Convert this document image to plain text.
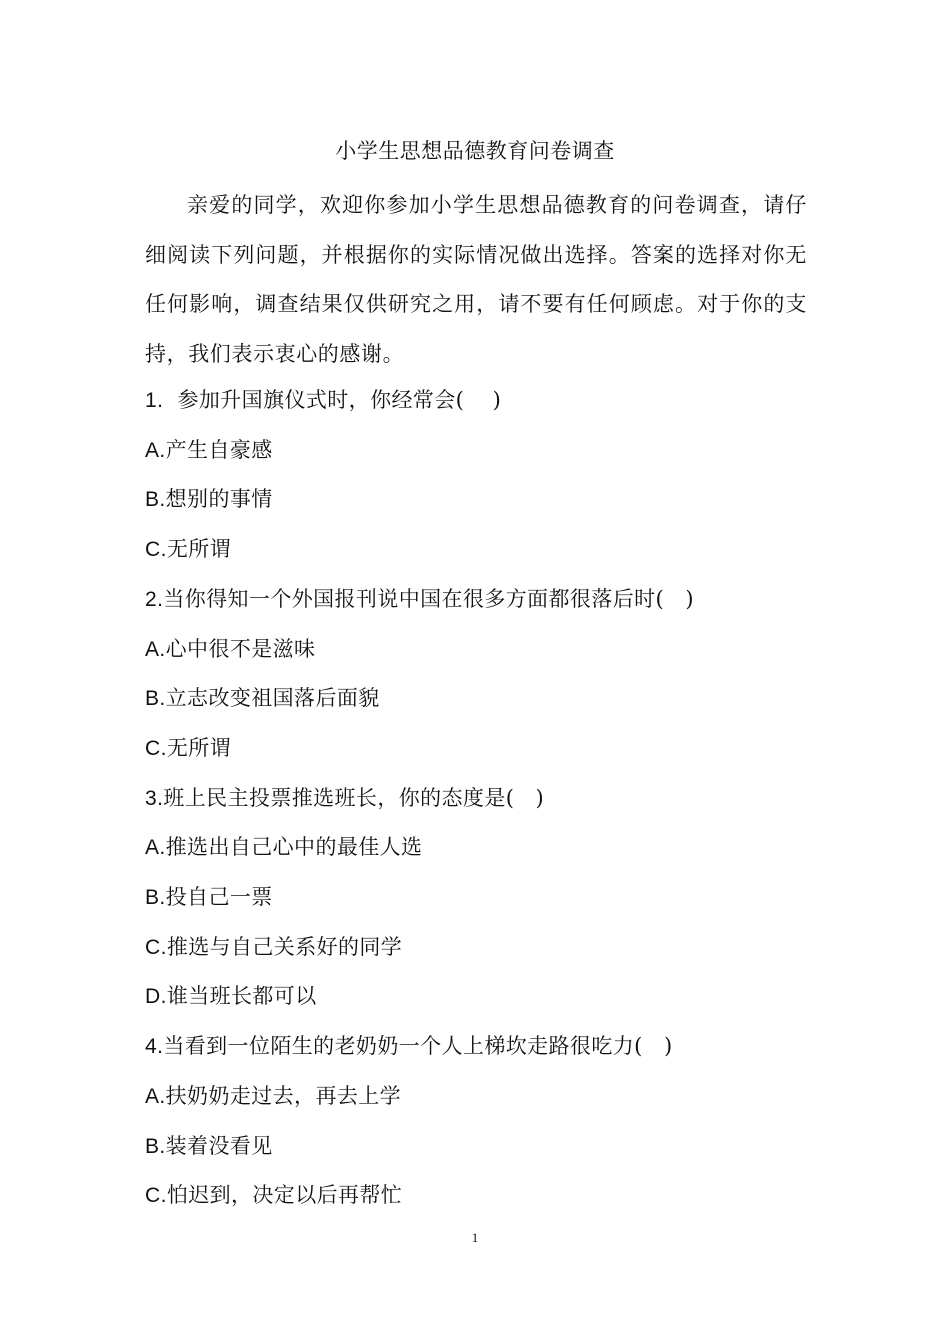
小学生思想品德教育问卷调查

亲爱的同学，欢迎你参加小学生思想品德教育的问卷调查，请仔细阅读下列问题，并根据你的实际情况做出选择。答案的选择对你无任何影响，调查结果仅供研究之用，请不要有任何顾虑。对于你的支持，我们表示衷心的感谢。

1.  参加升国旗仪式时，你经常会(    )
A.产生自豪感
B.想别的事情
C.无所谓
2.当你得知一个外国报刊说中国在很多方面都很落后时(   )
A.心中很不是滋味
B.立志改变祖国落后面貌
C.无所谓
3.班上民主投票推选班长，你的态度是(   )
A.推选出自己心中的最佳人选
B.投自己一票
C.推选与自己关系好的同学
D.谁当班长都可以
4.当看到一位陌生的老奶奶一个人上梯坎走路很吃力(   )
A.扶奶奶走过去，再去上学
B.装着没看见
C.怕迟到，决定以后再帮忙
1
